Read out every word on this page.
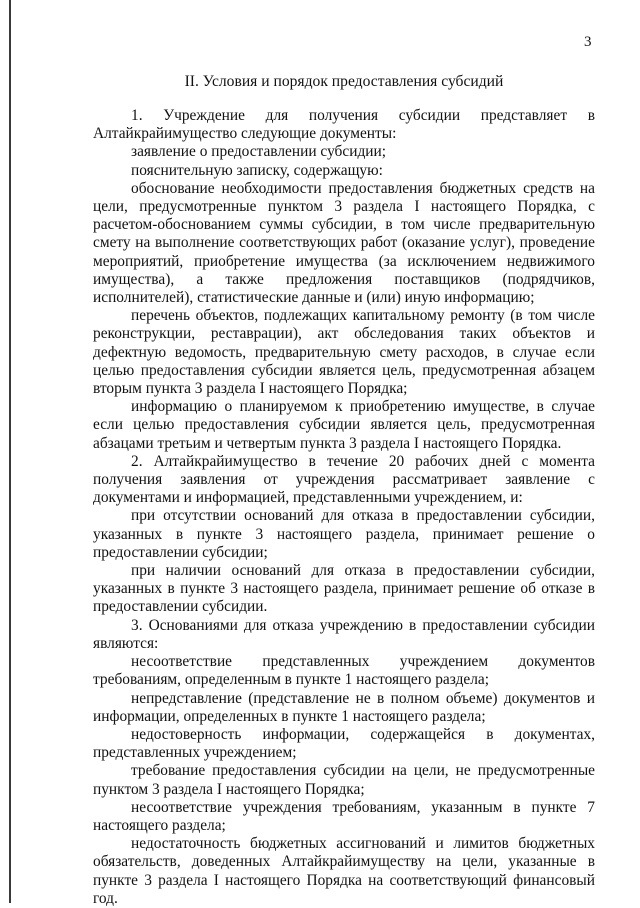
3
II. Условия и порядок предоставления субсидий

1. Учреждение для получения субсидии представляет в Алтайкрайимущество следующие документы:

заявление о предоставлении субсидии;

пояснительную записку, содержащую:

обоснование необходимости предоставления бюджетных средств на цели, предусмотренные пунктом 3 раздела I настоящего Порядка, с расчетом-обоснованием суммы субсидии, в том числе предварительную смету на выполнение соответствующих работ (оказание услуг), проведение мероприятий, приобретение имущества (за исключением недвижимого имущества), а также предложения поставщиков (подрядчиков, исполнителей), статистические данные и (или) иную информацию;

перечень объектов, подлежащих капитальному ремонту (в том числе реконструкции, реставрации), акт обследования таких объектов и дефектную ведомость, предварительную смету расходов, в случае если целью предоставления субсидии является цель, предусмотренная абзацем вторым пункта 3 раздела I настоящего Порядка;

информацию о планируемом к приобретению имуществе, в случае если целью предоставления субсидии является цель, предусмотренная абзацами третьим и четвертым пункта 3 раздела I настоящего Порядка.

2. Алтайкрайимущество в течение 20 рабочих дней с момента получения заявления от учреждения рассматривает заявление с документами и информацией, представленными учреждением, и:

при отсутствии оснований для отказа в предоставлении субсидии, указанных в пункте 3 настоящего раздела, принимает решение о предоставлении субсидии;

при наличии оснований для отказа в предоставлении субсидии, указанных в пункте 3 настоящего раздела, принимает решение об отказе в предоставлении субсидии.

3. Основаниями для отказа учреждению в предоставлении субсидии являются:

несоответствие представленных учреждением документов требованиям, определенным в пункте 1 настоящего раздела;

непредставление (представление не в полном объеме) документов и информации, определенных в пункте 1 настоящего раздела;

недостоверность информации, содержащейся в документах, представленных учреждением;

требование предоставления субсидии на цели, не предусмотренные пунктом 3 раздела I настоящего Порядка;

несоответствие учреждения требованиям, указанным в пункте 7 настоящего раздела;

недостаточность бюджетных ассигнований и лимитов бюджетных обязательств, доведенных Алтайкрайимуществу на цели, указанные в пункте 3 раздела I настоящего Порядка на соответствующий финансовый год.
